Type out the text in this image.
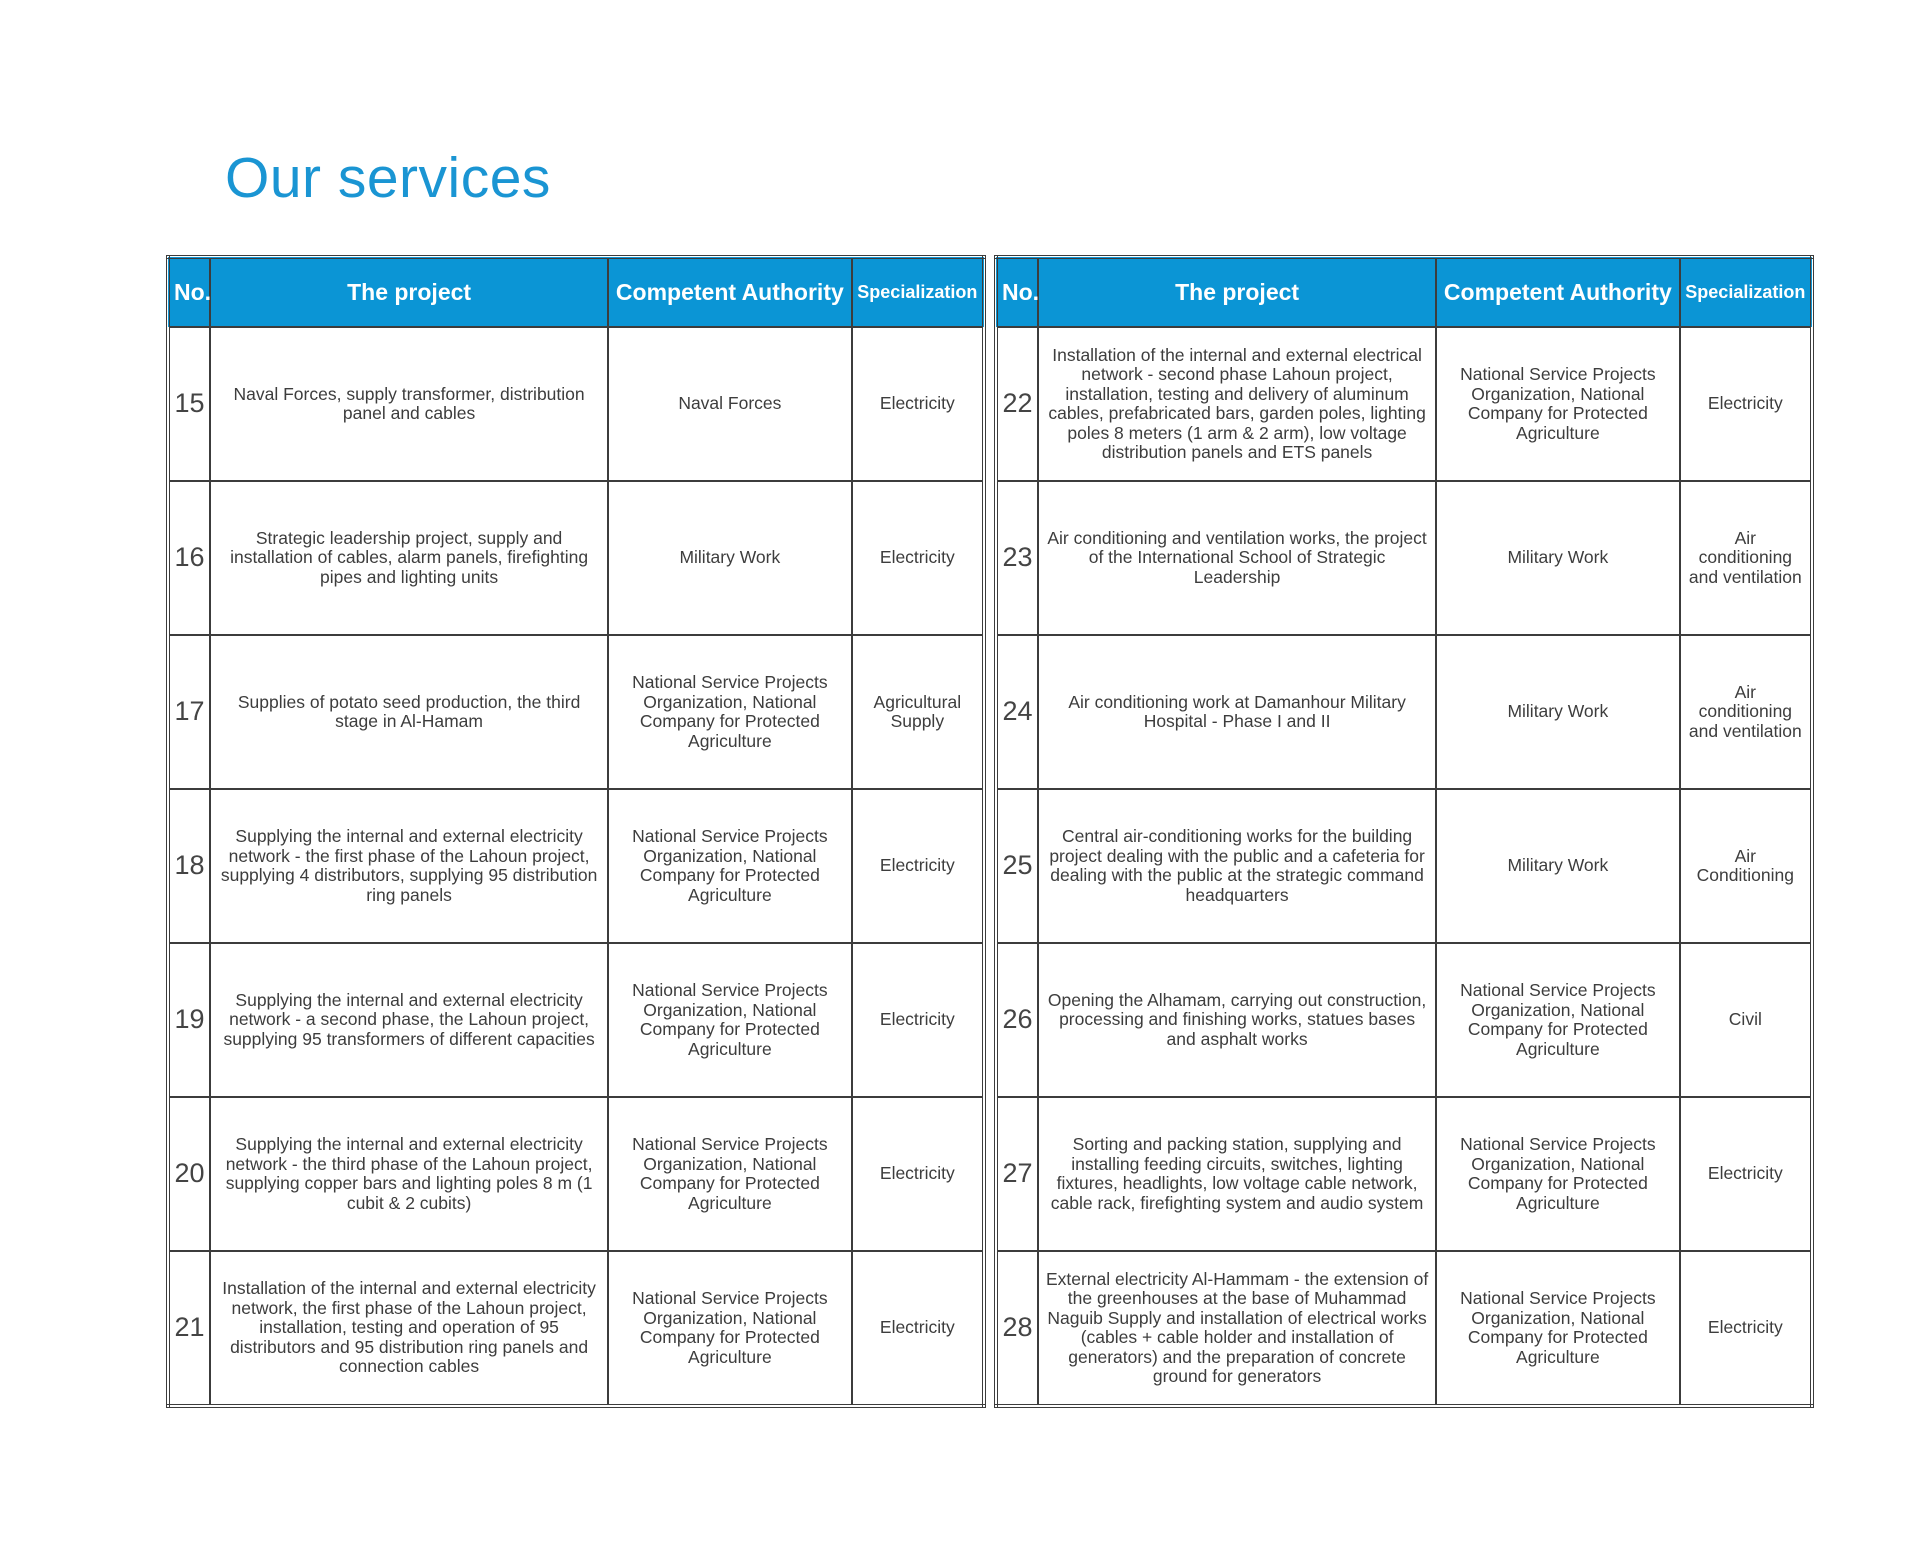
Our services
No.	The project	Competent Authority	Specialization
15	Naval Forces, supply transformer, distribution panel and cables	Naval Forces	Electricity
16	Strategic leadership project, supply and installation of cables, alarm panels, firefighting pipes and lighting units	Military Work	Electricity
17	Supplies of potato seed production, the third stage in Al-Hamam	National Service Projects Organization, National Company for Protected Agriculture	Agricultural Supply
18	Supplying the internal and external electricity network - the first phase of the Lahoun project, supplying 4 distributors, supplying 95 distribution ring panels	National Service Projects Organization, National Company for Protected Agriculture	Electricity
19	Supplying the internal and external electricity network - a second phase, the Lahoun project, supplying 95 transformers of different capacities	National Service Projects Organization, National Company for Protected Agriculture	Electricity
20	Supplying the internal and external electricity network - the third phase of the Lahoun project, supplying copper bars and lighting poles 8 m (1 cubit & 2 cubits)	National Service Projects Organization, National Company for Protected Agriculture	Electricity
21	Installation of the internal and external electricity network, the first phase of the Lahoun project, installation, testing and operation of 95 distributors and 95 distribution ring panels and connection cables	National Service Projects Organization, National Company for Protected Agriculture	Electricity
No.	The project	Competent Authority	Specialization
22	Installation of the internal and external electrical network - second phase Lahoun project, installation, testing and delivery of aluminum cables, prefabricated bars, garden poles, lighting poles 8 meters (1 arm & 2 arm), low voltage distribution panels and ETS panels	National Service Projects Organization, National Company for Protected Agriculture	Electricity
23	Air conditioning and ventilation works, the project of the International School of Strategic Leadership	Military Work	Air conditioning and ventilation
24	Air conditioning work at Damanhour Military Hospital - Phase I and II	Military Work	Air conditioning and ventilation
25	Central air-conditioning works for the building project dealing with the public and a cafeteria for dealing with the public at the strategic command headquarters	Military Work	Air Conditioning
26	Opening the Alhamam, carrying out construction, processing and finishing works, statues bases and asphalt works	National Service Projects Organization, National Company for Protected Agriculture	Civil
27	Sorting and packing station, supplying and installing feeding circuits, switches, lighting fixtures, headlights, low voltage cable network, cable rack, firefighting system and audio system	National Service Projects Organization, National Company for Protected Agriculture	Electricity
28	External electricity Al-Hammam - the extension of the greenhouses at the base of Muhammad Naguib Supply and installation of electrical works (cables + cable holder and installation of generators) and the preparation of concrete ground for generators	National Service Projects Organization, National Company for Protected Agriculture	Electricity
